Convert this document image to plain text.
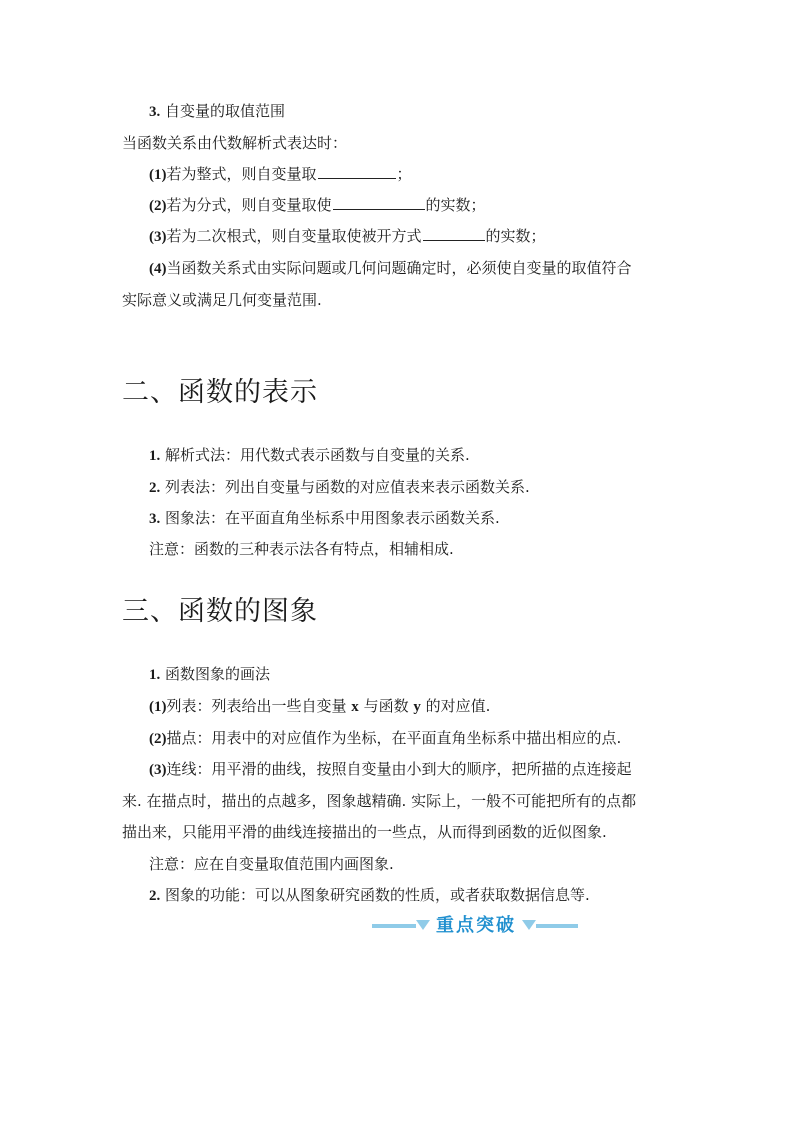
3. 自变量的取值范围
当函数关系由代数解析式表达时：
(1)若为整式，则自变量取	；
(2)若为分式，则自变量取使	的实数；
(3)若为二次根式，则自变量取使被开方式	的实数；
(4)当函数关系式由实际问题或几何问题确定时，必须使自变量的取值符合
实际意义或满足几何变量范围.
二、函数的表示
1. 解析式法：用代数式表示函数与自变量的关系.
2. 列表法：列出自变量与函数的对应值表来表示函数关系.
3. 图象法：在平面直角坐标系中用图象表示函数关系.
注意：函数的三种表示法各有特点，相辅相成.
三、函数的图象
1. 函数图象的画法
(1)列表：列表给出一些自变量 x 与函数 y 的对应值.
(2)描点：用表中的对应值作为坐标，在平面直角坐标系中描出相应的点.
(3)连线：用平滑的曲线，按照自变量由小到大的顺序，把所描的点连接起
来. 在描点时，描出的点越多，图象越精确. 实际上，一般不可能把所有的点都
描出来，只能用平滑的曲线连接描出的一些点，从而得到函数的近似图象.
注意：应在自变量取值范围内画图象.
2. 图象的功能：可以从图象研究函数的性质，或者获取数据信息等.
重点突破
